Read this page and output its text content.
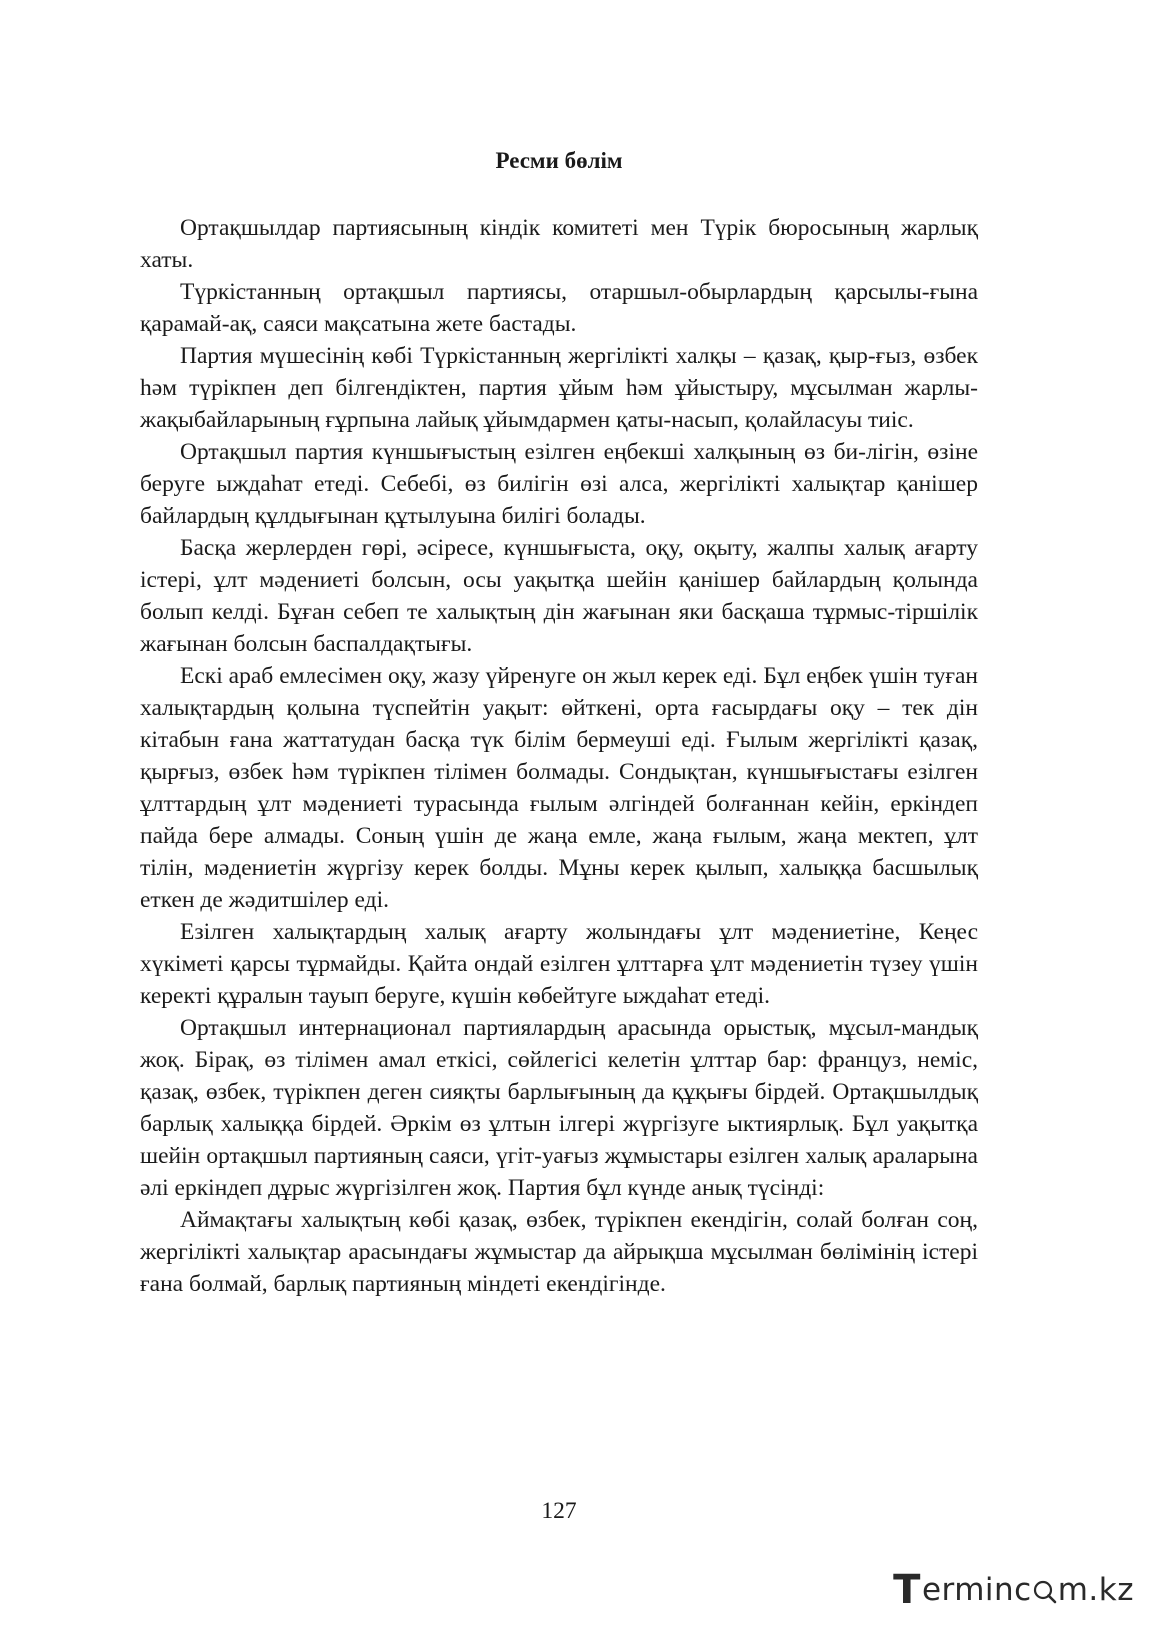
Ресми бөлім

Ортақшылдар партиясының кіндік комитеті мен Түрік бюросының жарлық хаты.

Түркістанның ортақшыл партиясы, отаршыл-обырлардың қарсылы-ғына қарамай-ақ, саяси мақсатына жете бастады.

Партия мүшесінің көбі Түркістанның жергілікті халқы – қазақ, қыр-ғыз, өзбек һәм түрікпен деп білгендіктен, партия ұйым һәм ұйыстыру, мұсылман жарлы-жақыбайларының ғұрпына лайық ұйымдармен қаты-насып, қолайласуы тиіс.

Ортақшыл партия күншығыстың езілген еңбекші халқының өз би-лігін, өзіне беруге ыждаһат етеді. Себебі, өз билігін өзі алса, жергілікті халықтар қанішер байлардың құлдығынан құтылуына билігі болады.

Басқа жерлерден гөрі, әсіресе, күншығыста, оқу, оқыту, жалпы халық ағарту істері, ұлт мәдениеті болсын, осы уақытқа шейін қанішер байлардың қолында болып келді. Бұған себеп те халықтың дін жағынан яки басқаша тұрмыс-тіршілік жағынан болсын баспалдақтығы.

Ескі араб емлесімен оқу, жазу үйренуге он жыл керек еді. Бұл еңбек үшін туған халықтардың қолына түспейтін уақыт: өйткені, орта ғасырдағы оқу – тек дін кітабын ғана жаттатудан басқа түк білім бермеуші еді. Ғылым жергілікті қазақ, қырғыз, өзбек һәм түрікпен тілімен болмады. Сондықтан, күншығыстағы езілген ұлттардың ұлт мәдениеті турасында ғылым әлгіндей болғаннан кейін, еркіндеп пайда бере алмады. Соның үшін де жаңа емле, жаңа ғылым, жаңа мектеп, ұлт тілін, мәдениетін жүргізу керек болды. Мұны керек қылып, халыққа басшылық еткен де жәдитшілер еді.

Езілген халықтардың халық ағарту жолындағы ұлт мәдениетіне, Кеңес хүкіметі қарсы тұрмайды. Қайта ондай езілген ұлттарға ұлт мәдениетін түзеу үшін керекті құралын тауып беруге, күшін көбейтуге ыждаһат етеді.

Ортақшыл интернационал партиялардың арасында орыстық, мұсыл-мандық жоқ. Бірақ, өз тілімен амал еткісі, сөйлегісі келетін ұлттар бар: француз, неміс, қазақ, өзбек, түрікпен деген сияқты барлығының да құқығы бірдей. Ортақшылдық барлық халыққа бірдей. Әркім өз ұлтын ілгері жүргізуге ыктиярлық. Бұл уақытқа шейін ортақшыл партияның саяси, үгіт-уағыз жұмыстары езілген халық араларына әлі еркіндеп дұрыс жүргізілген жоқ. Партия бұл күнде анық түсінді:

Аймақтағы халықтың көбі қазақ, өзбек, түрікпен екендігін, солай болған соң, жергілікті халықтар арасындағы жұмыстар да айрықша мұсылман бөлімінің істері ғана болмай, барлық партияның міндеті екендігінде.

127
T erminc m.kz
